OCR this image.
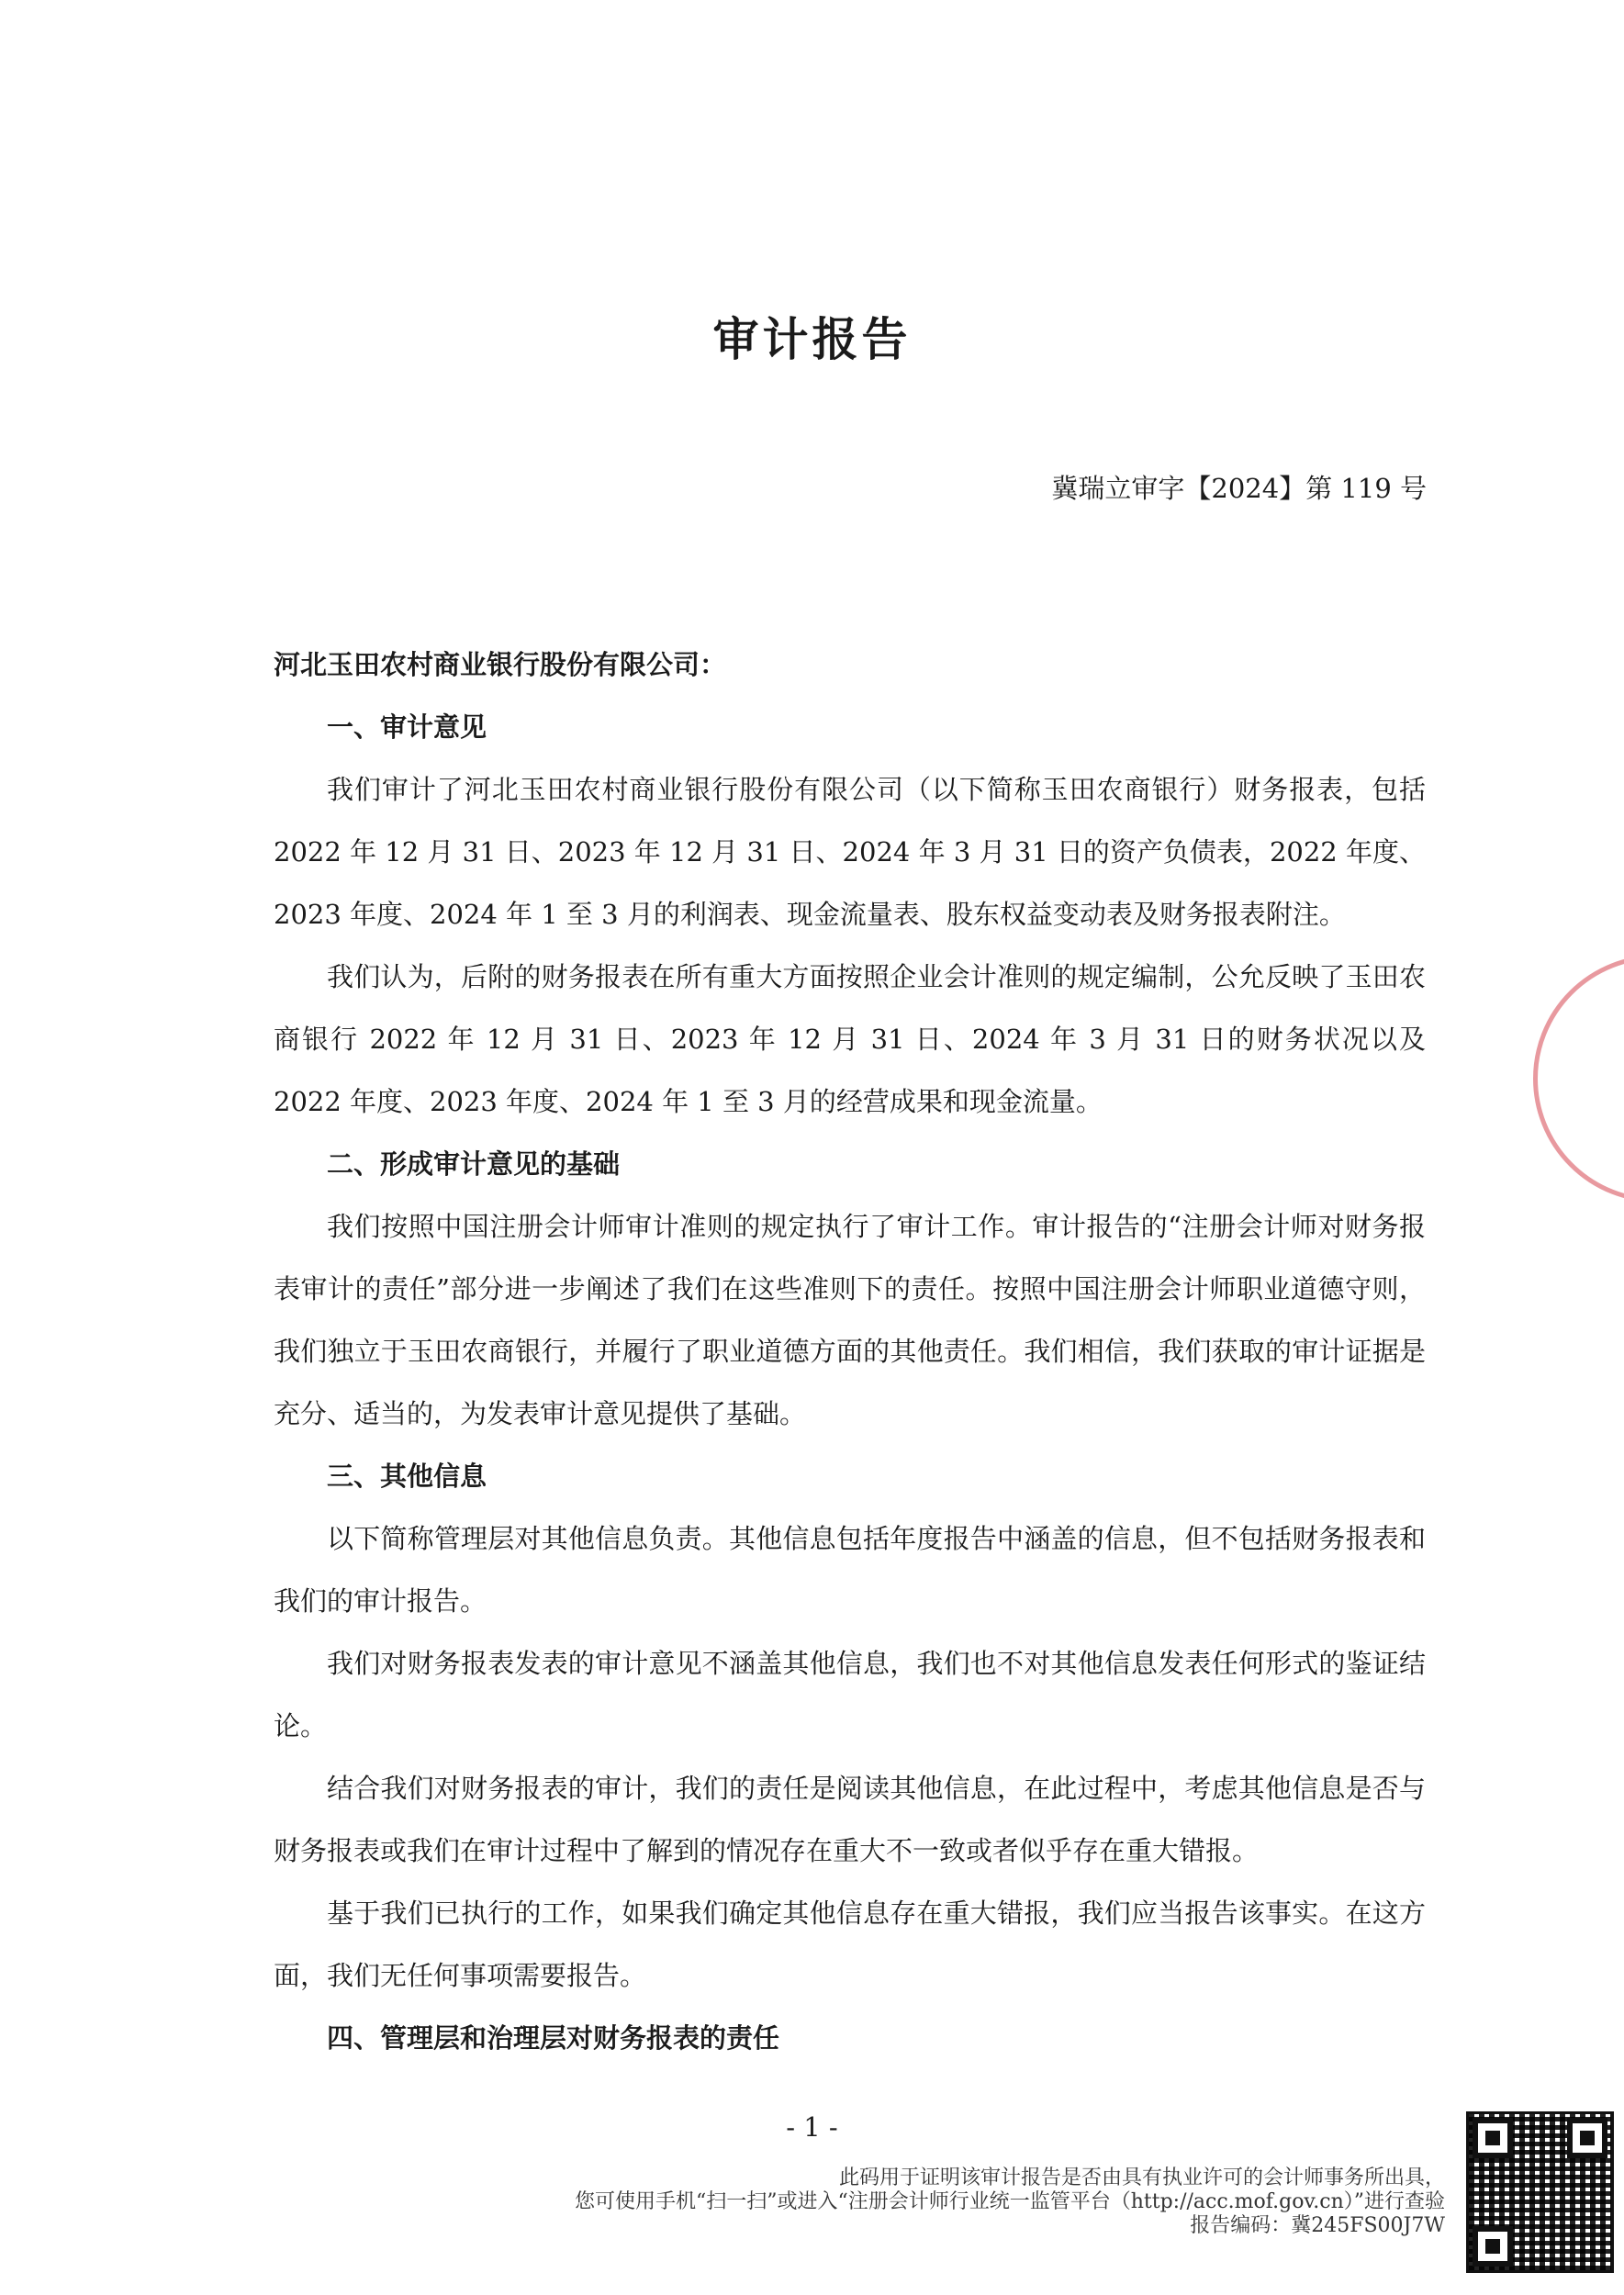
审计报告
冀瑞立审字【2024】第 119 号

河北玉田农村商业银行股份有限公司：

一、审计意见

我们审计了河北玉田农村商业银行股份有限公司（以下简称玉田农商银行）财务报表，包括 2022 年 12 月 31 日、2023 年 12 月 31 日、2024 年 3 月 31 日的资产负债表，2022 年度、2023 年度、2024 年 1 至 3 月的利润表、现金流量表、股东权益变动表及财务报表附注。

我们认为，后附的财务报表在所有重大方面按照企业会计准则的规定编制，公允反映了玉田农商银行 2022 年 12 月 31 日、2023 年 12 月 31 日、2024 年 3 月 31 日的财务状况以及 2022 年度、2023 年度、2024 年 1 至 3 月的经营成果和现金流量。

二、形成审计意见的基础

我们按照中国注册会计师审计准则的规定执行了审计工作。审计报告的“注册会计师对财务报表审计的责任”部分进一步阐述了我们在这些准则下的责任。按照中国注册会计师职业道德守则，我们独立于玉田农商银行，并履行了职业道德方面的其他责任。我们相信，我们获取的审计证据是充分、适当的，为发表审计意见提供了基础。

三、其他信息

以下简称管理层对其他信息负责。其他信息包括年度报告中涵盖的信息，但不包括财务报表和我们的审计报告。

我们对财务报表发表的审计意见不涵盖其他信息，我们也不对其他信息发表任何形式的鉴证结论。

结合我们对财务报表的审计，我们的责任是阅读其他信息，在此过程中，考虑其他信息是否与财务报表或我们在审计过程中了解到的情况存在重大不一致或者似乎存在重大错报。

基于我们已执行的工作，如果我们确定其他信息存在重大错报，我们应当报告该事实。在这方面，我们无任何事项需要报告。

四、管理层和治理层对财务报表的责任

- 1 -
此码用于证明该审计报告是否由具有执业许可的会计师事务所出具，
您可使用手机“扫一扫”或进入“注册会计师行业统一监管平台（http://acc.mof.gov.cn）”进行查验
报告编码：冀245FS00J7W
